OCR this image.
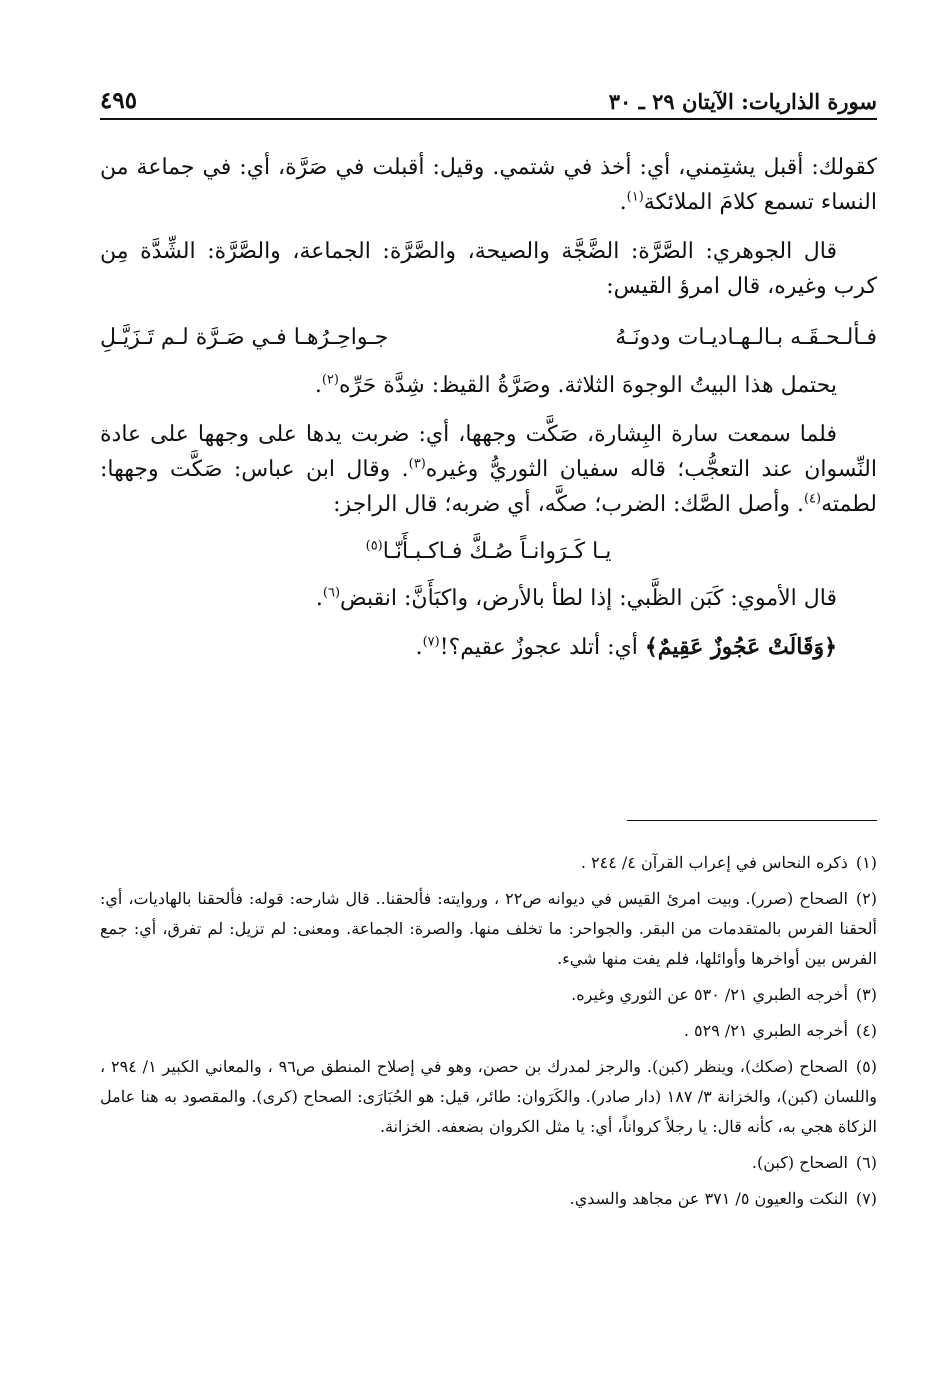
سورة الذاريات: الآيتان ٢٩ ـ ٣٠
٤٩٥

كقولك: أقبل يشتِمني، أي: أخذ في شتمي. وقيل: أقبلت في صَرَّة، أي: في جماعة من النساء تسمع كلامَ الملائكة$^{(١)}$.

قال الجوهري: الصَّرَّة: الضَّجَّة والصيحة، والصَّرَّة: الجماعة، والصَّرَّة: الشِّدَّة مِن كرب وغيره، قال امرؤ القيس:

فـألـحـقَـه بـالـهـاديـات ودونَـهُ
جـواحِـرُهـا فـي صَـرَّة لـم تَـزَيَّـلِ

يحتمل هذا البيتُ الوجوهَ الثلاثة. وصَرَّةُ القيظ: شِدَّة حَرِّه$^{(٢)}$.

فلما سمعت سارة البِشارة، صَكَّت وجهها، أي: ضربت يدها على وجهها على عادة النِّسوان عند التعجُّب؛ قاله سفيان الثوريُّ وغيره$^{(٣)}$. وقال ابن عباس: صَكَّت وجهها: لطمته$^{(٤)}$. وأصل الصَّك: الضرب؛ صكَّه، أي ضربه؛ قال الراجز:

يـا كَـرَوانـاً صُـكَّ فـاكـبـأَنّـا$^{(٥)}$

قال الأموي: كَبَن الظَّبي: إذا لطأ بالأرض، واكبَأَنَّ: انقبض$^{(٦)}$.

﴿وَقَالَتْ عَجُوزٌ عَقِيمٌ﴾ أي: أتلد عجوزٌ عقيم؟!$^{(٧)}$.

(١)ذكره النحاس في إعراب القرآن ٤/ ٢٤٤ .

(٢)الصحاح (صرر). وبيت امرئ القيس في ديوانه ص٢٢ ، وروايته: فألحقنا.. قال شارحه: قوله: فألحقنا بالهاديات، أي: ألحقنا الفرس بالمتقدمات من البقر. والجواحر: ما تخلف منها. والصرة: الجماعة. ومعنى: لم تزيل: لم تفرق، أي: جمع الفرس بين أواخرها وأوائلها، فلم يفت منها شيء.

(٣)أخرجه الطبري ٢١/ ٥٣٠ عن الثوري وغيره.

(٤)أخرجه الطبري ٢١/ ٥٢٩ .

(٥)الصحاح (صكك)، وينظر (كبن). والرجز لمدرك بن حصن، وهو في إصلاح المنطق ص٩٦ ، والمعاني الكبير ١/ ٢٩٤ ، واللسان (كبن)، والخزانة ٣/ ١٨٧ (دار صادر). والكَرَوان: طائر، قيل: هو الحُبَارَى: الصحاح (كرى). والمقصود به هنا عامل الزكاة هجي به، كأنه قال: يا رجلاً كرواناً، أي: يا مثل الكروان بضعفه. الخزانة.

(٦)الصحاح (كبن).

(٧)النكت والعيون ٥/ ٣٧١ عن مجاهد والسدي.
